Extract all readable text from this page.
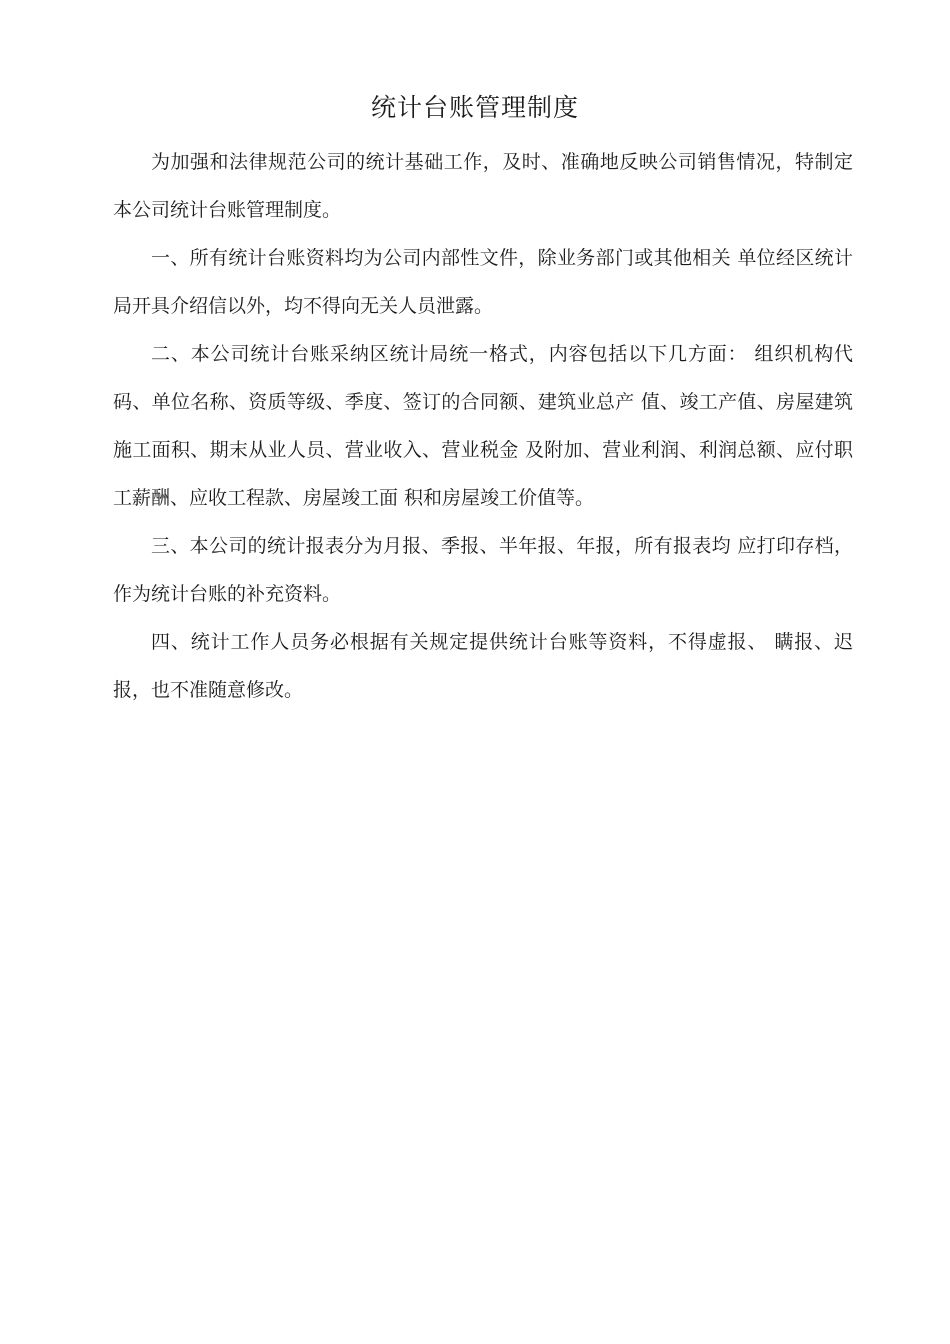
统计台账管理制度

为加强和法律规范公司的统计基础工作，及时、准确地反映公司销售情况，特制定本公司统计台账管理制度。

一、所有统计台账资料均为公司内部性文件，除业务部门或其他相关 单位经区统计局开具介绍信以外，均不得向无关人员泄露。

二、本公司统计台账采纳区统计局统一格式，内容包括以下几方面： 组织机构代码、单位名称、资质等级、季度、签订的合同额、建筑业总产 值、竣工产值、房屋建筑施工面积、期末从业人员、营业收入、营业税金 及附加、营业利润、利润总额、应付职工薪酬、应收工程款、房屋竣工面 积和房屋竣工价值等。

三、本公司的统计报表分为月报、季报、半年报、年报，所有报表均 应打印存档，作为统计台账的补充资料。

四、统计工作人员务必根据有关规定提供统计台账等资料，不得虚报、 瞒报、迟报，也不准随意修改。
